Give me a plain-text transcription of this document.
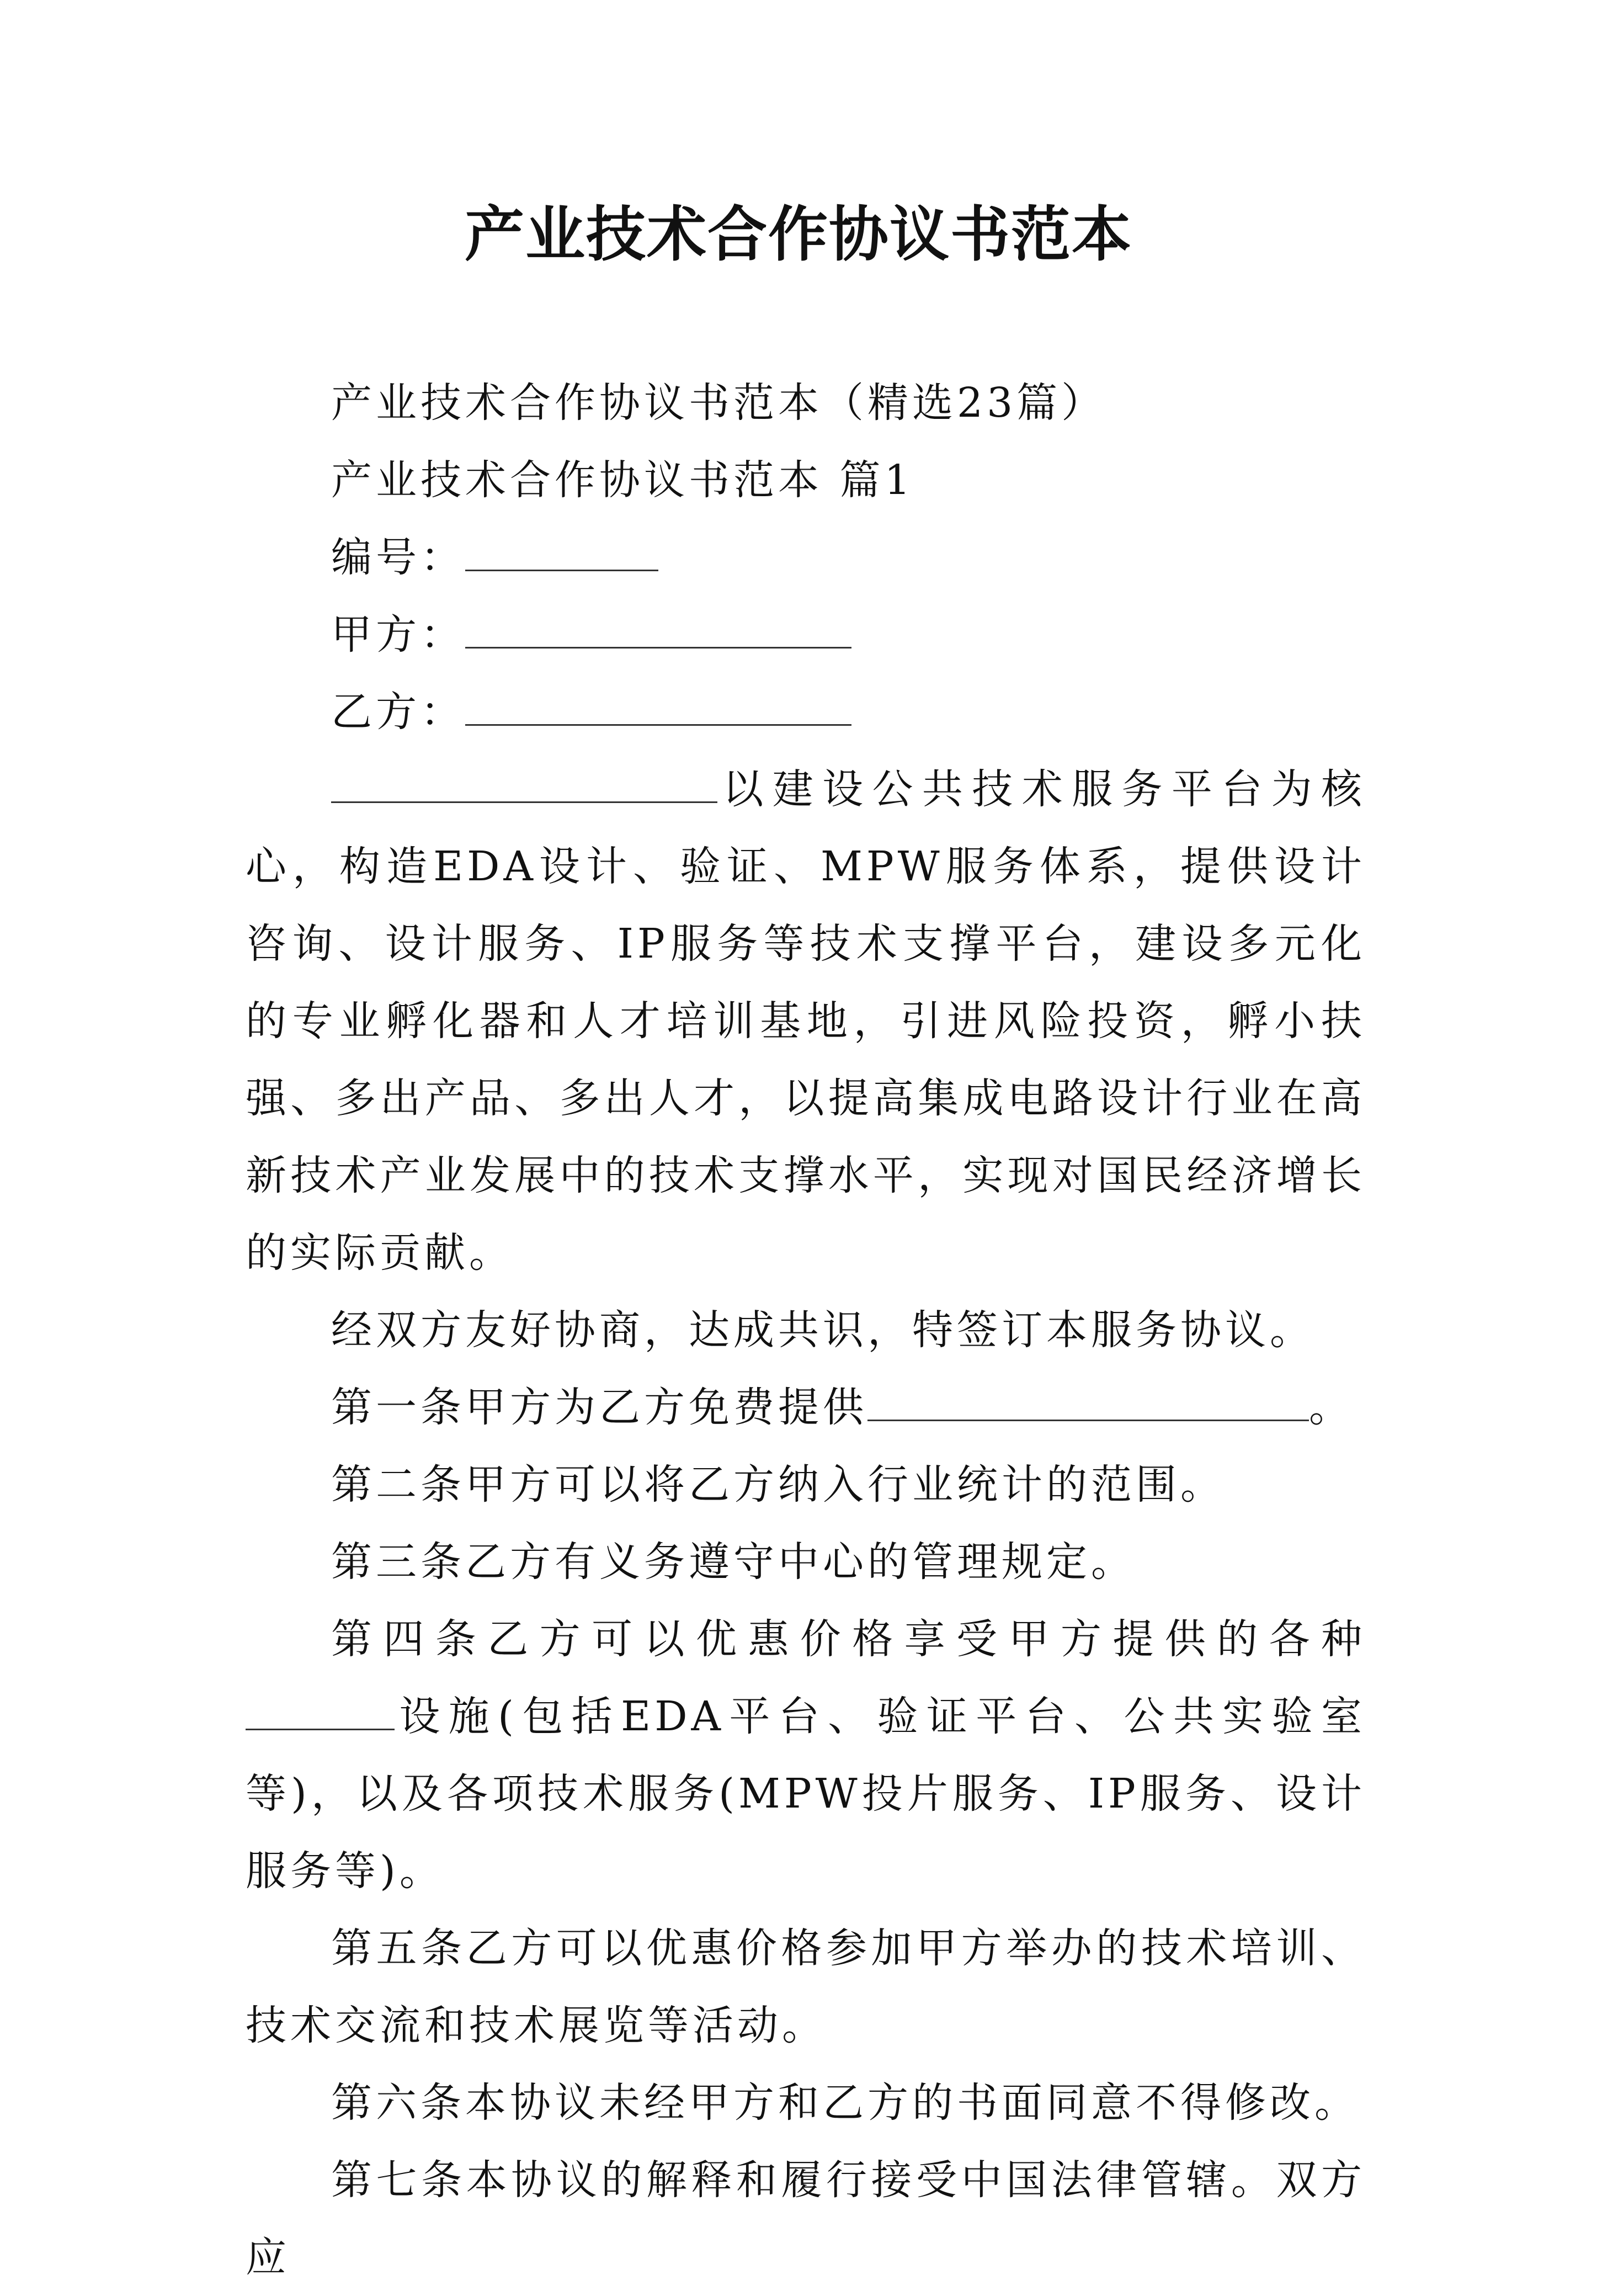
产业技术合作协议书范本

产业技术合作协议书范本（精选23篇）

产业技术合作协议书范本 篇1

编号：

甲方：

乙方：

以建设公共技术服务平台为核心，构造EDA设计、验证、MPW服务体系，提供设计咨询、设计服务、IP服务等技术支撑平台，建设多元化的专业孵化器和人才培训基地，引进风险投资，孵小扶强、多出产品、多出人才，以提高集成电路设计行业在高新技术产业发展中的技术支撑水平，实现对国民经济增长的实际贡献。

经双方友好协商，达成共识，特签订本服务协议。

第一条甲方为乙方免费提供	。

第二条甲方可以将乙方纳入行业统计的范围。

第三条乙方有义务遵守中心的管理规定。

第四条乙方可以优惠价格享受甲方提供的各种设施(包括EDA平台、验证平台、公共实验室等)，以及各项技术服务(MPW投片服务、IP服务、设计服务等)。

第五条乙方可以优惠价格参加甲方举办的技术培训、技术交流和技术展览等活动。

第六条本协议未经甲方和乙方的书面同意不得修改。

第七条本协议的解释和履行接受中国法律管辖。双方应
